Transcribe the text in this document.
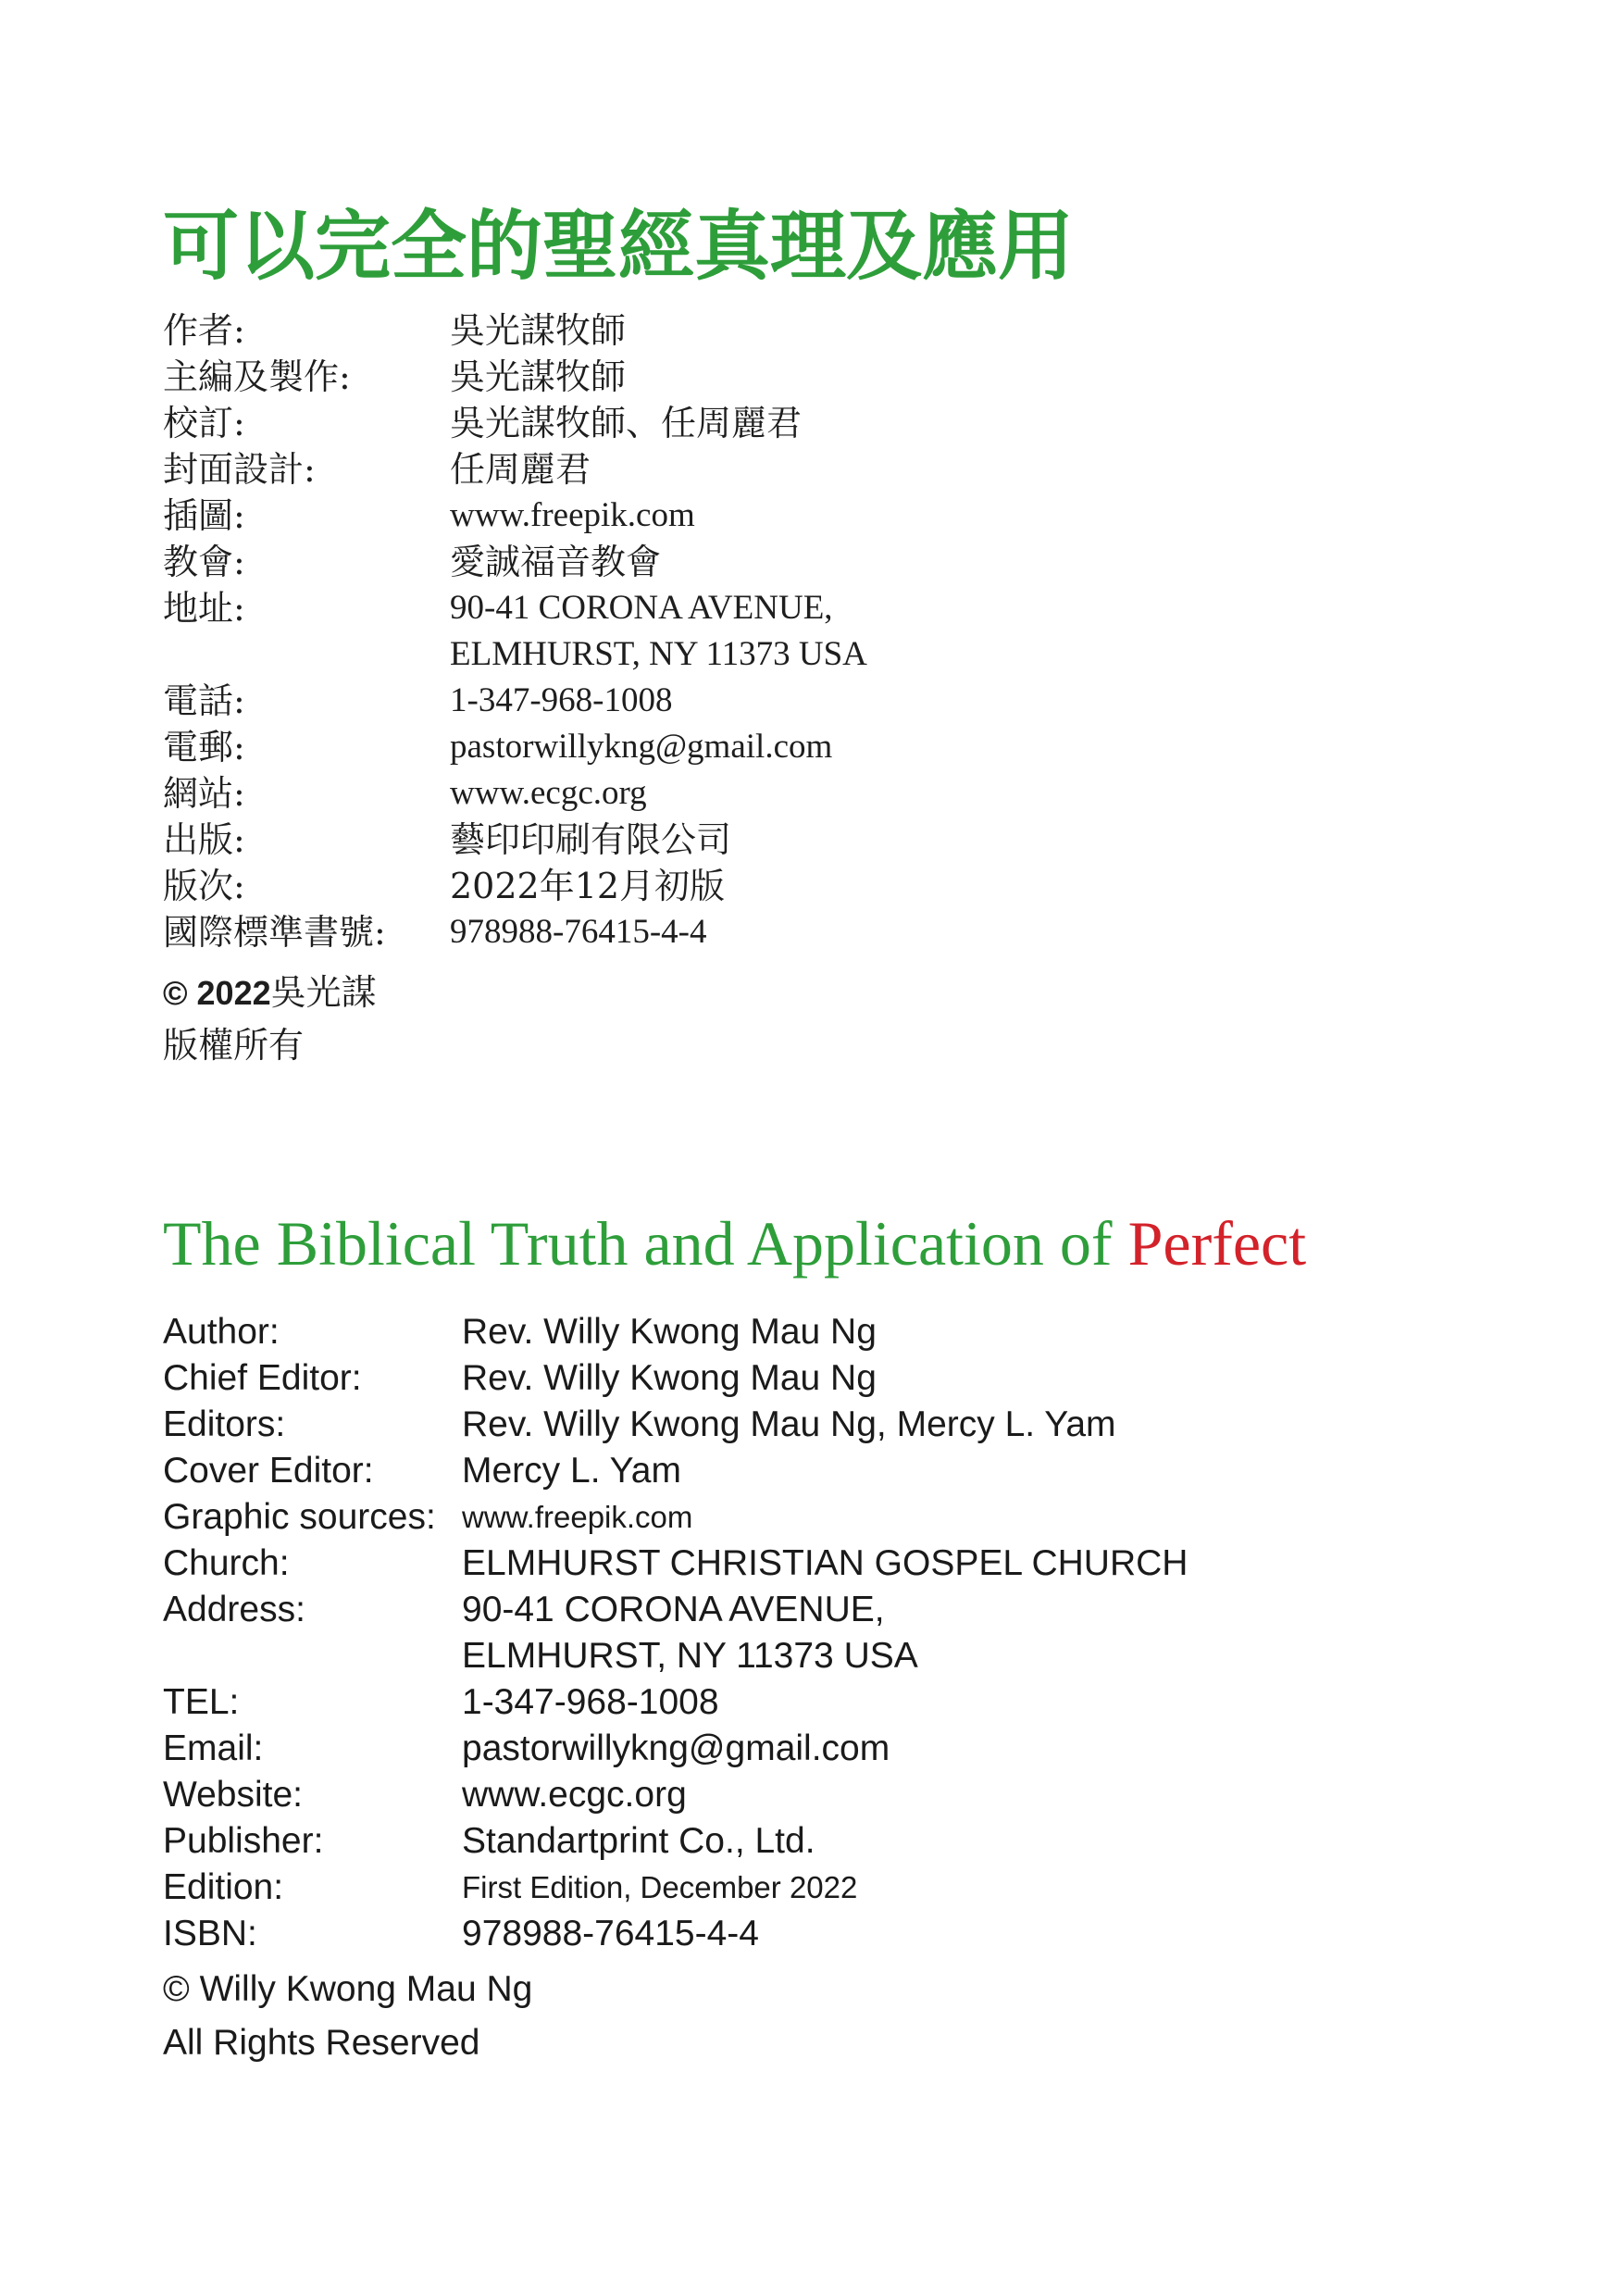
可以完全的聖經真理及應用
作者:	吳光謀牧師
主編及製作:	吳光謀牧師
校訂:	吳光謀牧師、任周麗君
封面設計:	任周麗君
插圖:	www.freepik.com
教會:	愛誠福音教會
地址:	90-41 CORONA AVENUE,
ELMHURST, NY 11373 USA
電話:	1-347-968-1008
電郵:	pastorwillykng@gmail.com
網站:	www.ecgc.org
出版:	藝印印刷有限公司
版次:	2022年12月初版
國際標準書號:	978988-76415-4-4
© 2022吳光謀
版權所有
The Biblical Truth and Application of Perfect
Author:	Rev. Willy Kwong Mau Ng
Chief Editor:	Rev. Willy Kwong Mau Ng
Editors:	Rev. Willy Kwong Mau Ng, Mercy L. Yam
Cover Editor:	Mercy L. Yam
Graphic sources: www.freepik.com
Church:	ELMHURST CHRISTIAN GOSPEL CHURCH
Address:	90-41 CORONA AVENUE,
ELMHURST, NY 11373 USA
TEL:	1-347-968-1008
Email:	pastorwillykng@gmail.com
Website:	www.ecgc.org
Publisher:	Standartprint Co., Ltd.
Edition:	First Edition, December 2022
ISBN:	978988-76415-4-4
© Willy Kwong Mau Ng
All Rights Reserved
